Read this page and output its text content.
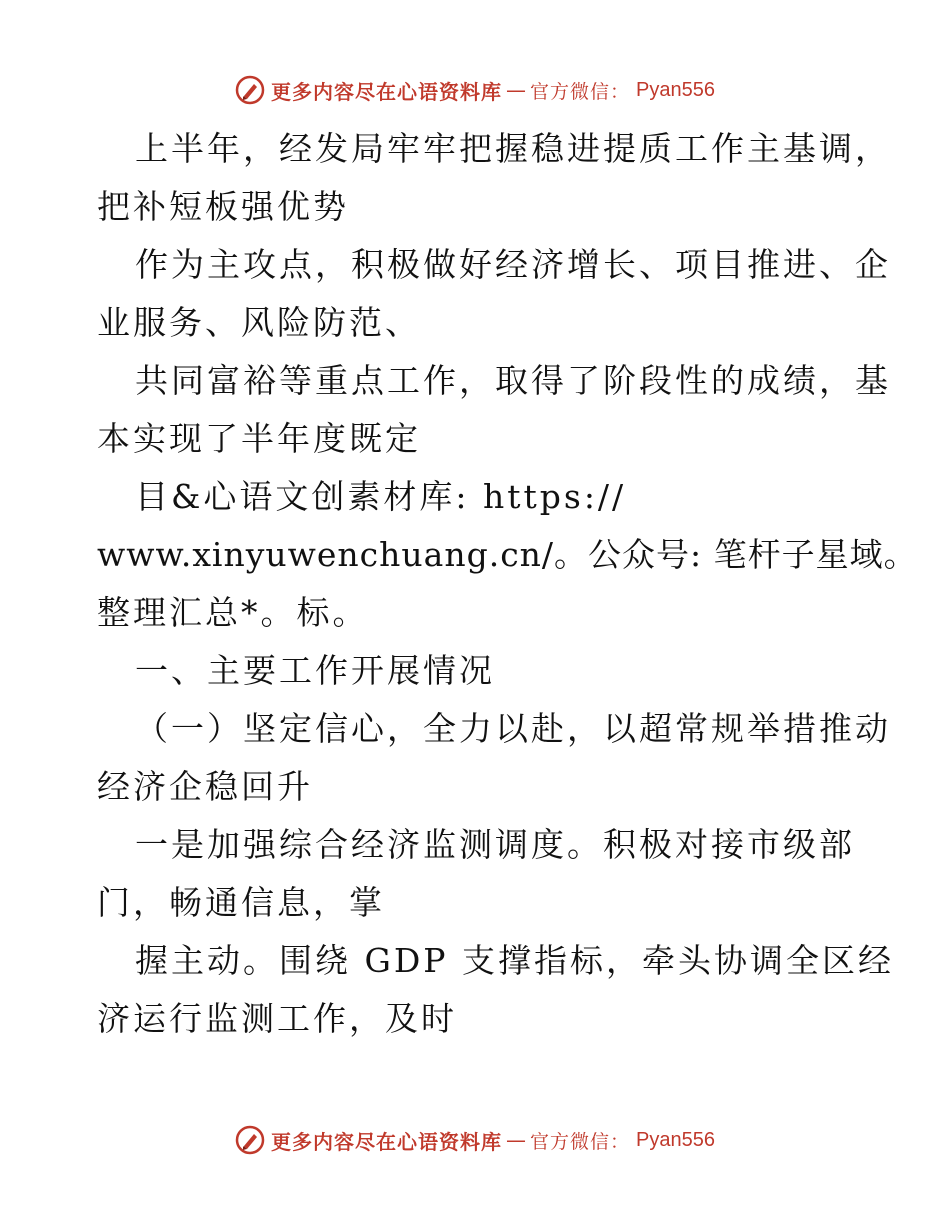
更多内容尽在心语资料库 — 官方微信： Pyan556
上半年，经发局牢牢把握稳进提质工作主基调，
把补短板强优势
作为主攻点，积极做好经济增长、项目推进、企
业服务、风险防范、
共同富裕等重点工作，取得了阶段性的成绩，基
本实现了半年度既定
目&心语文创素材库: https://
www.xinyuwenchuang.cn/。公众号: 笔杆子星域。
整理汇总*。标。
一、主要工作开展情况
（一）坚定信心，全力以赴，以超常规举措推动
经济企稳回升
一是加强综合经济监测调度。积极对接市级部
门，畅通信息，掌
握主动。围绕 GDP 支撑指标，牵头协调全区经
济运行监测工作，及时
更多内容尽在心语资料库 — 官方微信： Pyan556
